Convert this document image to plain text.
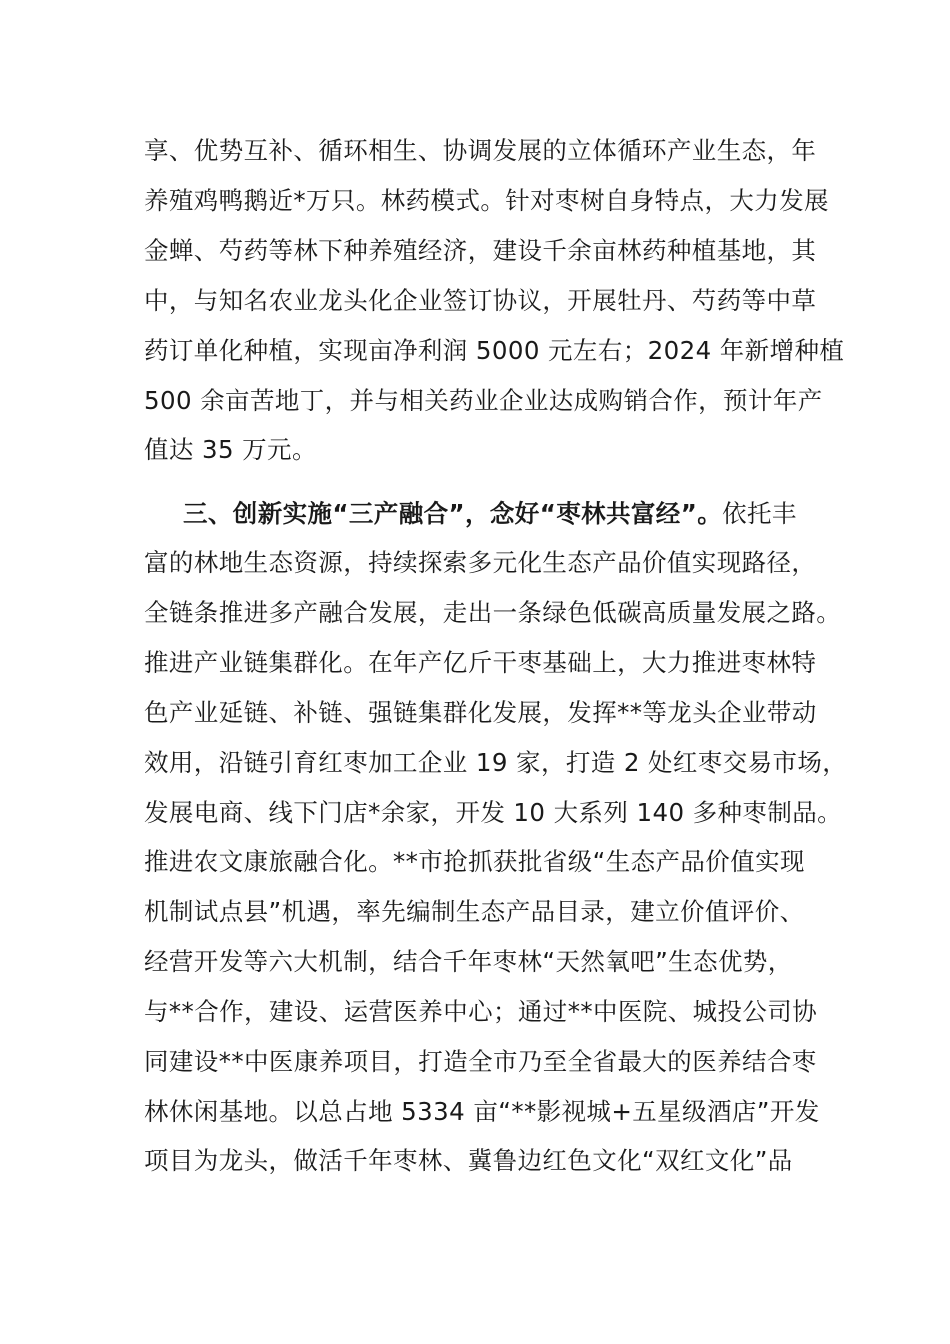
享、优势互补、循环相生、协调发展的立体循环产业生态，年
养殖鸡鸭鹅近*万只。林药模式。针对枣树自身特点，大力发展
金蝉、芍药等林下种养殖经济，建设千余亩林药种植基地，其
中，与知名农业龙头化企业签订协议，开展牡丹、芍药等中草
药订单化种植，实现亩净利润 5000 元左右；2024 年新增种植
500 余亩苦地丁，并与相关药业企业达成购销合作，预计年产
值达 35 万元。
三、创新实施“三产融合”，念好“枣林共富经”。依托丰
富的林地生态资源，持续探索多元化生态产品价值实现路径，
全链条推进多产融合发展，走出一条绿色低碳高质量发展之路。
推进产业链集群化。在年产亿斤干枣基础上，大力推进枣林特
色产业延链、补链、强链集群化发展，发挥**等龙头企业带动
效用，沿链引育红枣加工企业 19 家，打造 2 处红枣交易市场，
发展电商、线下门店*余家，开发 10 大系列 140 多种枣制品。
推进农文康旅融合化。**市抢抓获批省级“生态产品价值实现
机制试点县”机遇，率先编制生态产品目录，建立价值评价、
经营开发等六大机制，结合千年枣林“天然氧吧”生态优势，
与**合作，建设、运营医养中心；通过**中医院、城投公司协
同建设**中医康养项目，打造全市乃至全省最大的医养结合枣
林休闲基地。以总占地 5334 亩“**影视城+五星级酒店”开发
项目为龙头，做活千年枣林、冀鲁边红色文化“双红文化”品
